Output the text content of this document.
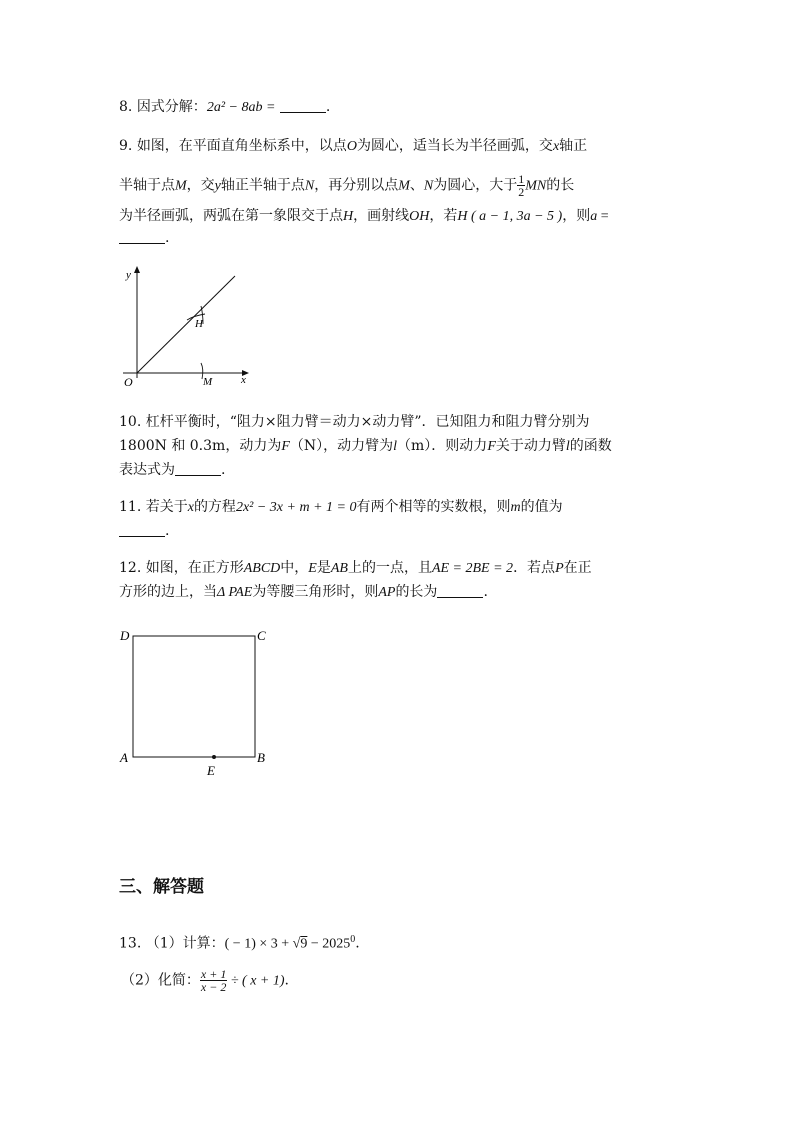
8. 因式分解：2a² − 8ab =	.
9. 如图，在平面直角坐标系中，以点O为圆心，适当长为半径画弧，交x轴正
半轴于点M，交y轴正半轴于点N，再分别以点M、N为圆心，大于 $\frac{1}{2}$ MN的长
为半径画弧，两弧在第一象限交于点H，画射线OH，若H ( a − 1, 3a − 5 )，则a =
.
y
x
O
H
M
10. 杠杆平衡时，“阻力×阻力臂＝动力×动力臂”．已知阻力和阻力臂分别为
1800N 和 0.3m，动力为F（N），动力臂为l（m）．则动力F关于动力臂l的函数
表达式为	.
11. 若关于x的方程2x² − 3x + m + 1 = 0有两个相等的实数根，则m的值为
.
12. 如图，在正方形ABCD中，E是AB上的一点，且AE = 2BE = 2．若点P在正
方形的边上，当Δ PAE为等腰三角形时，则AP的长为	.
D	C
A	B
E
三、解答题
13. （1）计算：( − $1) \times 3 + √9 - 2025^0$.
（2）化简： $\frac{x + 1}{x - 2}$ ÷ ( x + 1).
